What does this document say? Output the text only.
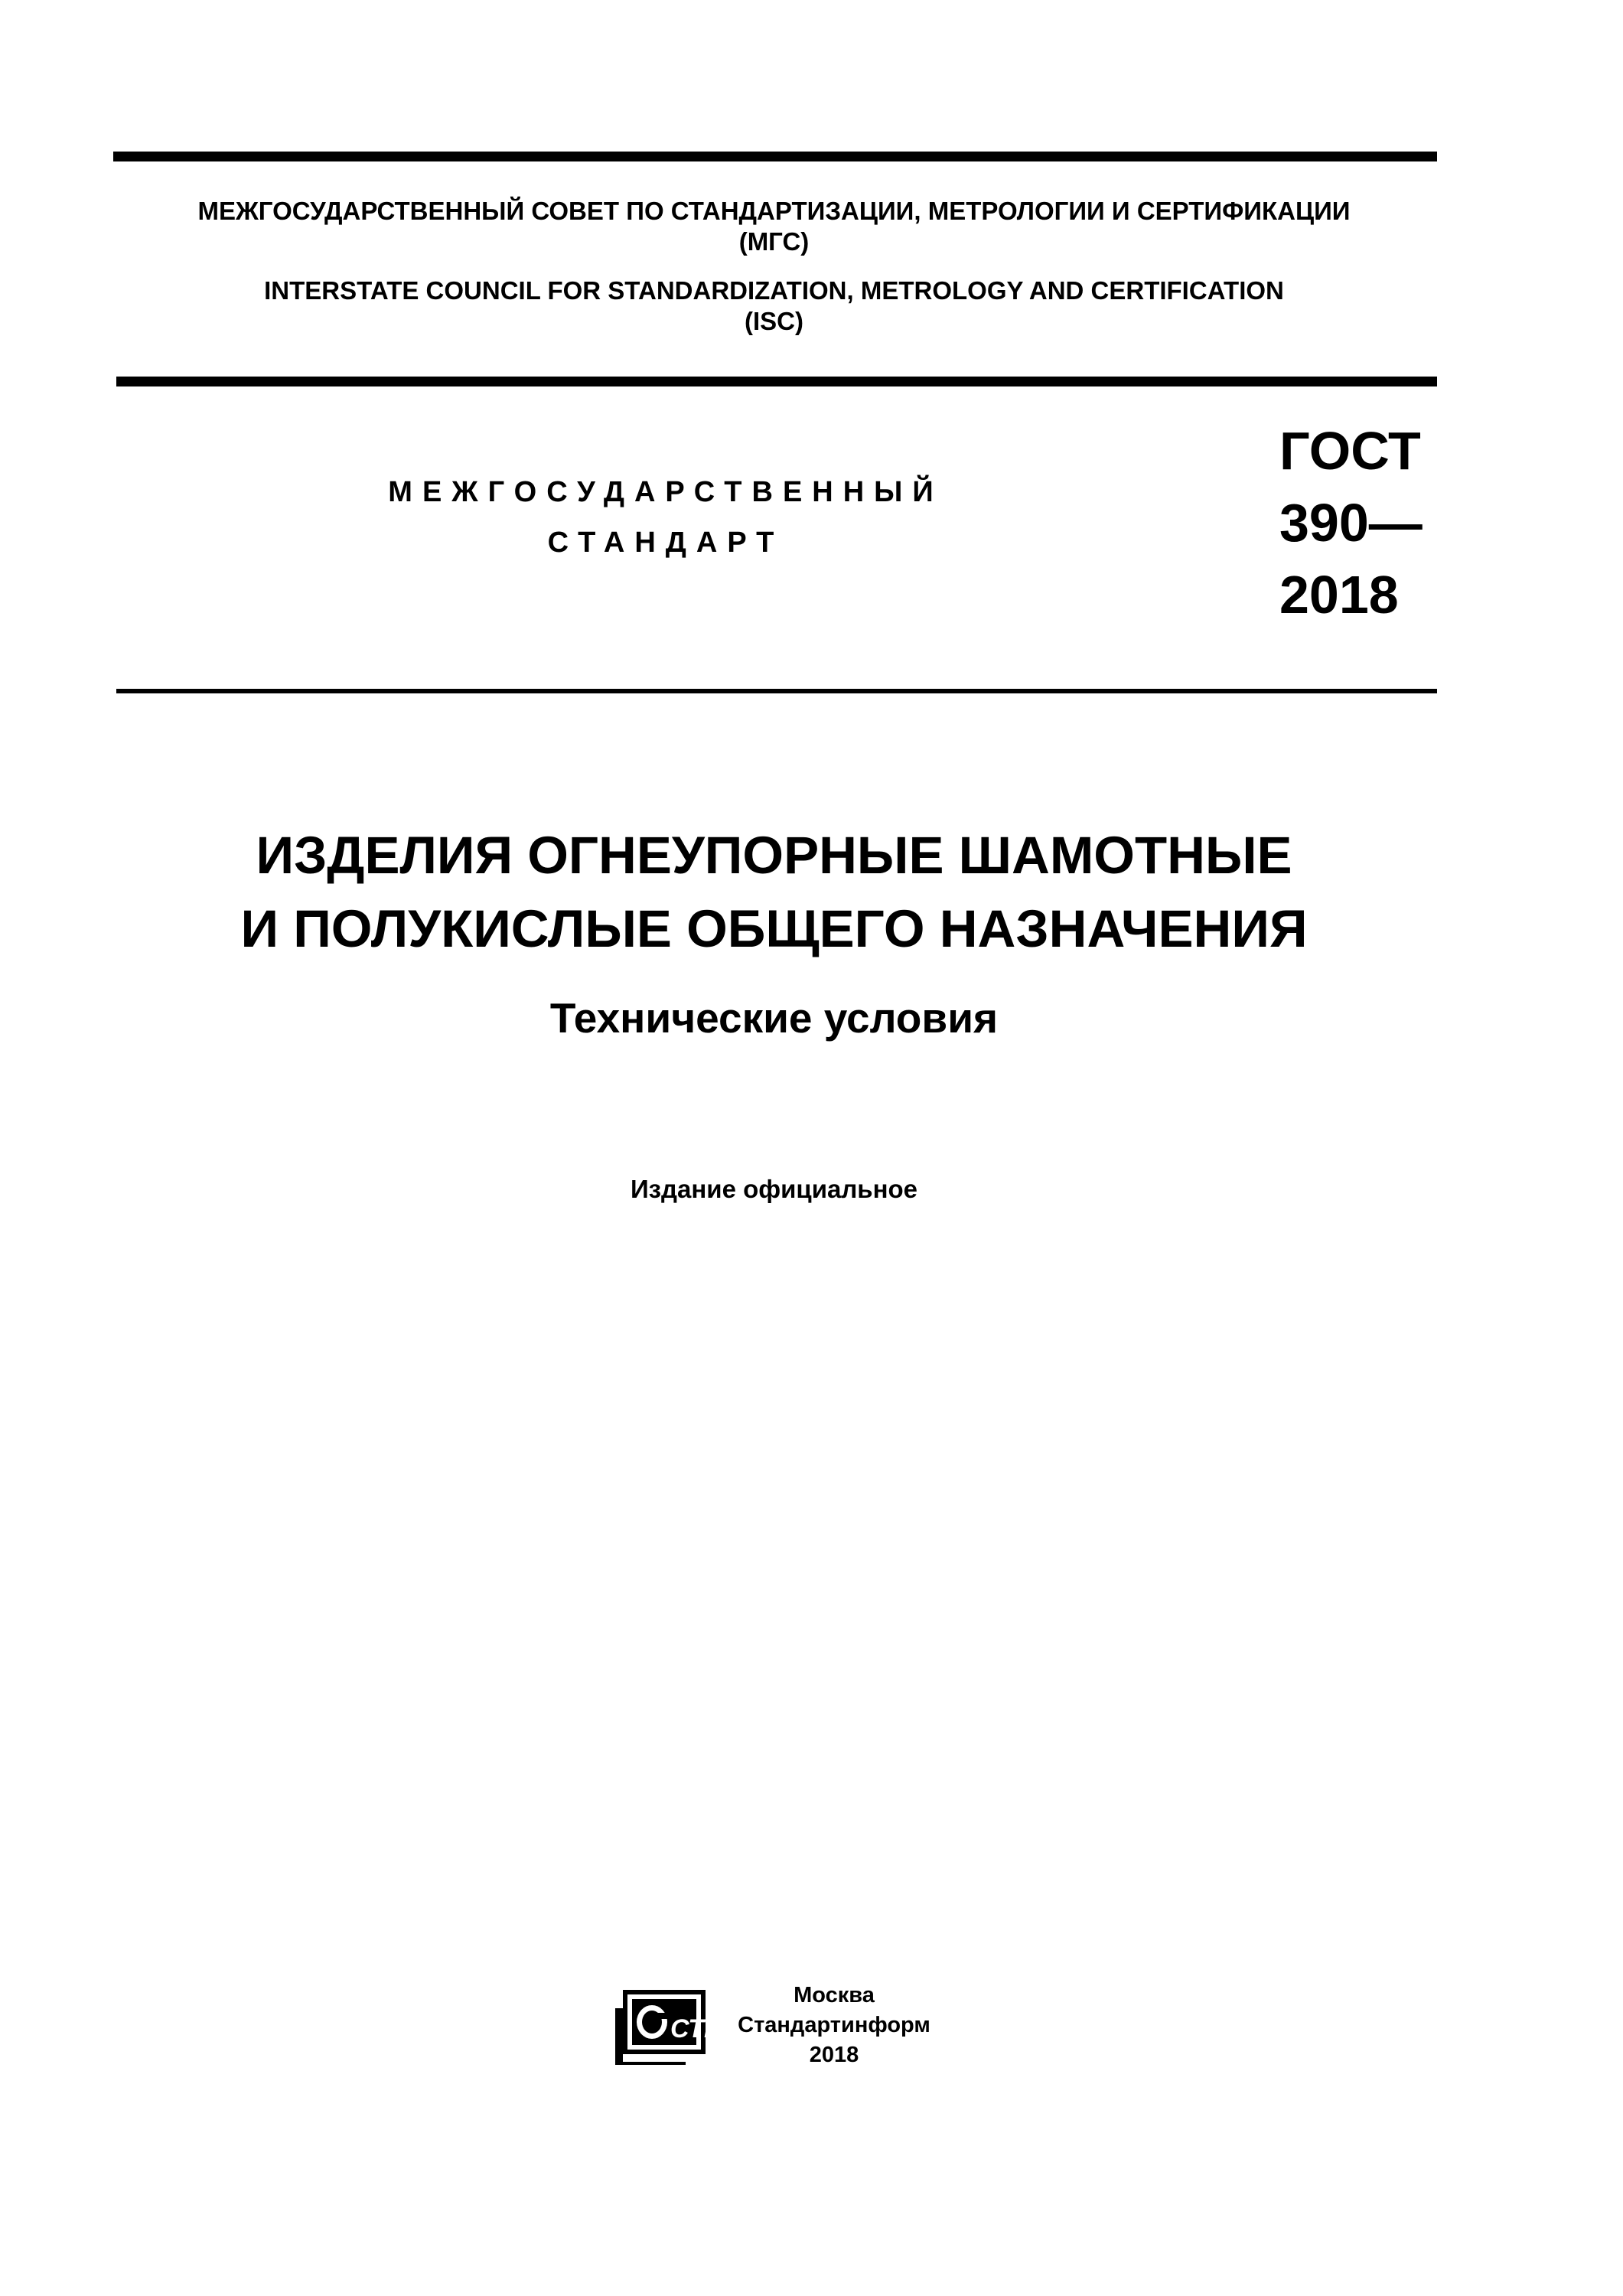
МЕЖГОСУДАРСТВЕННЫЙ СОВЕТ ПО СТАНДАРТИЗАЦИИ, МЕТРОЛОГИИ И СЕРТИФИКАЦИИ
(МГС)
INTERSTATE COUNCIL FOR STANDARDIZATION, METROLOGY AND CERTIFICATION
(ISC)
МЕЖГОСУДАРСТВЕННЫЙ
СТАНДАРТ
ГОСТ
390—
2018
ИЗДЕЛИЯ ОГНЕУПОРНЫЕ ШАМОТНЫЕ
И ПОЛУКИСЛЫЕ ОБЩЕГО НАЗНАЧЕНИЯ
Технические условия
Издание официальное
СТИ
Москва
Стандартинформ
2018
